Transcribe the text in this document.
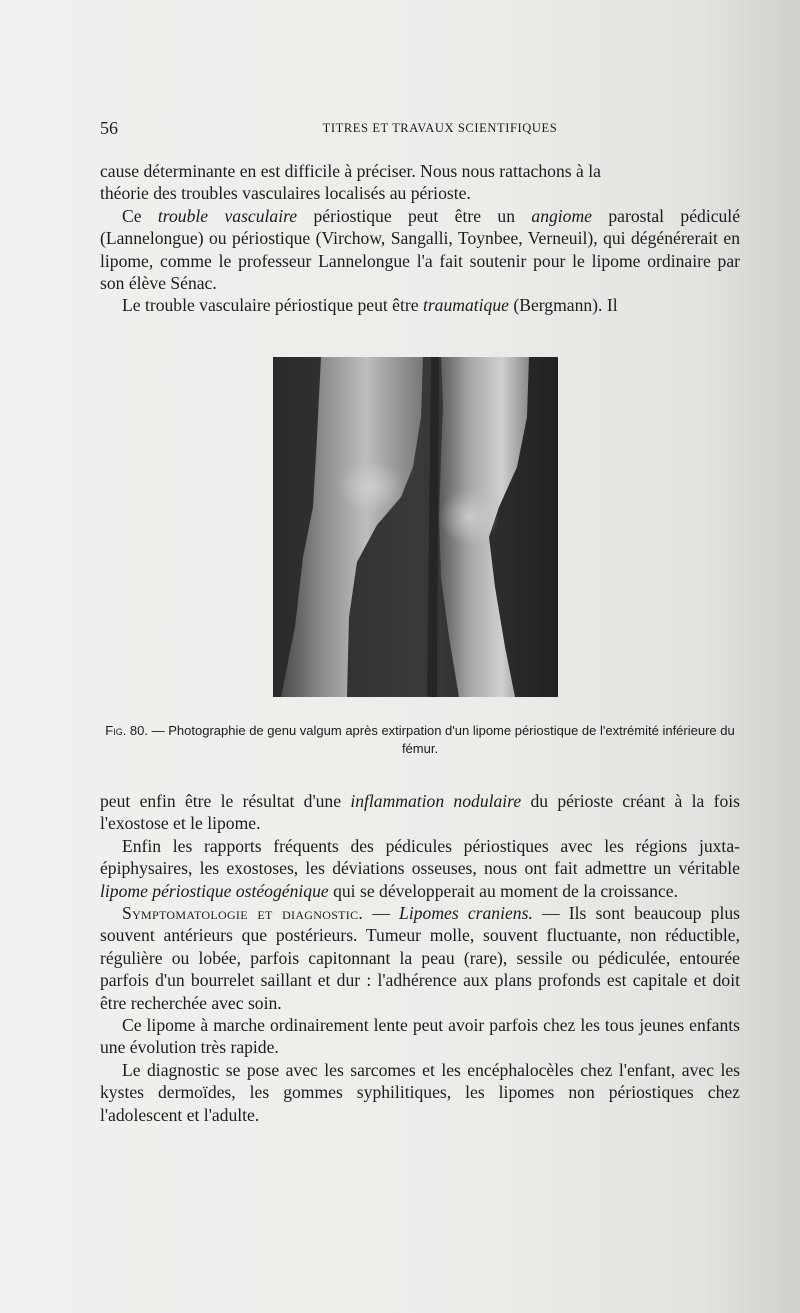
56	TITRES ET TRAVAUX SCIENTIFIQUES

cause déterminante en est difficile à préciser. Nous nous rattachons à la
théorie des troubles vasculaires localisés au périoste.

Ce trouble vasculaire périostique peut être un angiome parostal pédiculé (Lannelongue) ou périostique (Virchow, Sangalli, Toynbee, Verneuil), qui dégénérerait en lipome, comme le professeur Lannelongue l'a fait soutenir pour le lipome ordinaire par son élève Sénac.

Le trouble vasculaire périostique peut être traumatique (Bergmann). Il

Fig. 80. — Photographie de genu valgum après extirpation d'un lipome périostique de l'extrémité inférieure du fémur.

peut enfin être le résultat d'une inflammation nodulaire du périoste créant à la fois l'exostose et le lipome.

Enfin les rapports fréquents des pédicules périostiques avec les régions juxta-épiphysaires, les exostoses, les déviations osseuses, nous ont fait admettre un véritable lipome périostique ostéogénique qui se développerait au moment de la croissance.

Symptomatologie et diagnostic. — Lipomes craniens. — Ils sont beaucoup plus souvent antérieurs que postérieurs. Tumeur molle, souvent fluctuante, non réductible, régulière ou lobée, parfois capitonnant la peau (rare), sessile ou pédiculée, entourée parfois d'un bourrelet saillant et dur : l'adhérence aux plans profonds est capitale et doit être recherchée avec soin.

Ce lipome à marche ordinairement lente peut avoir parfois chez les tous jeunes enfants une évolution très rapide.

Le diagnostic se pose avec les sarcomes et les encéphalocèles chez l'enfant, avec les kystes dermoïdes, les gommes syphilitiques, les lipomes non périostiques chez l'adolescent et l'adulte.
